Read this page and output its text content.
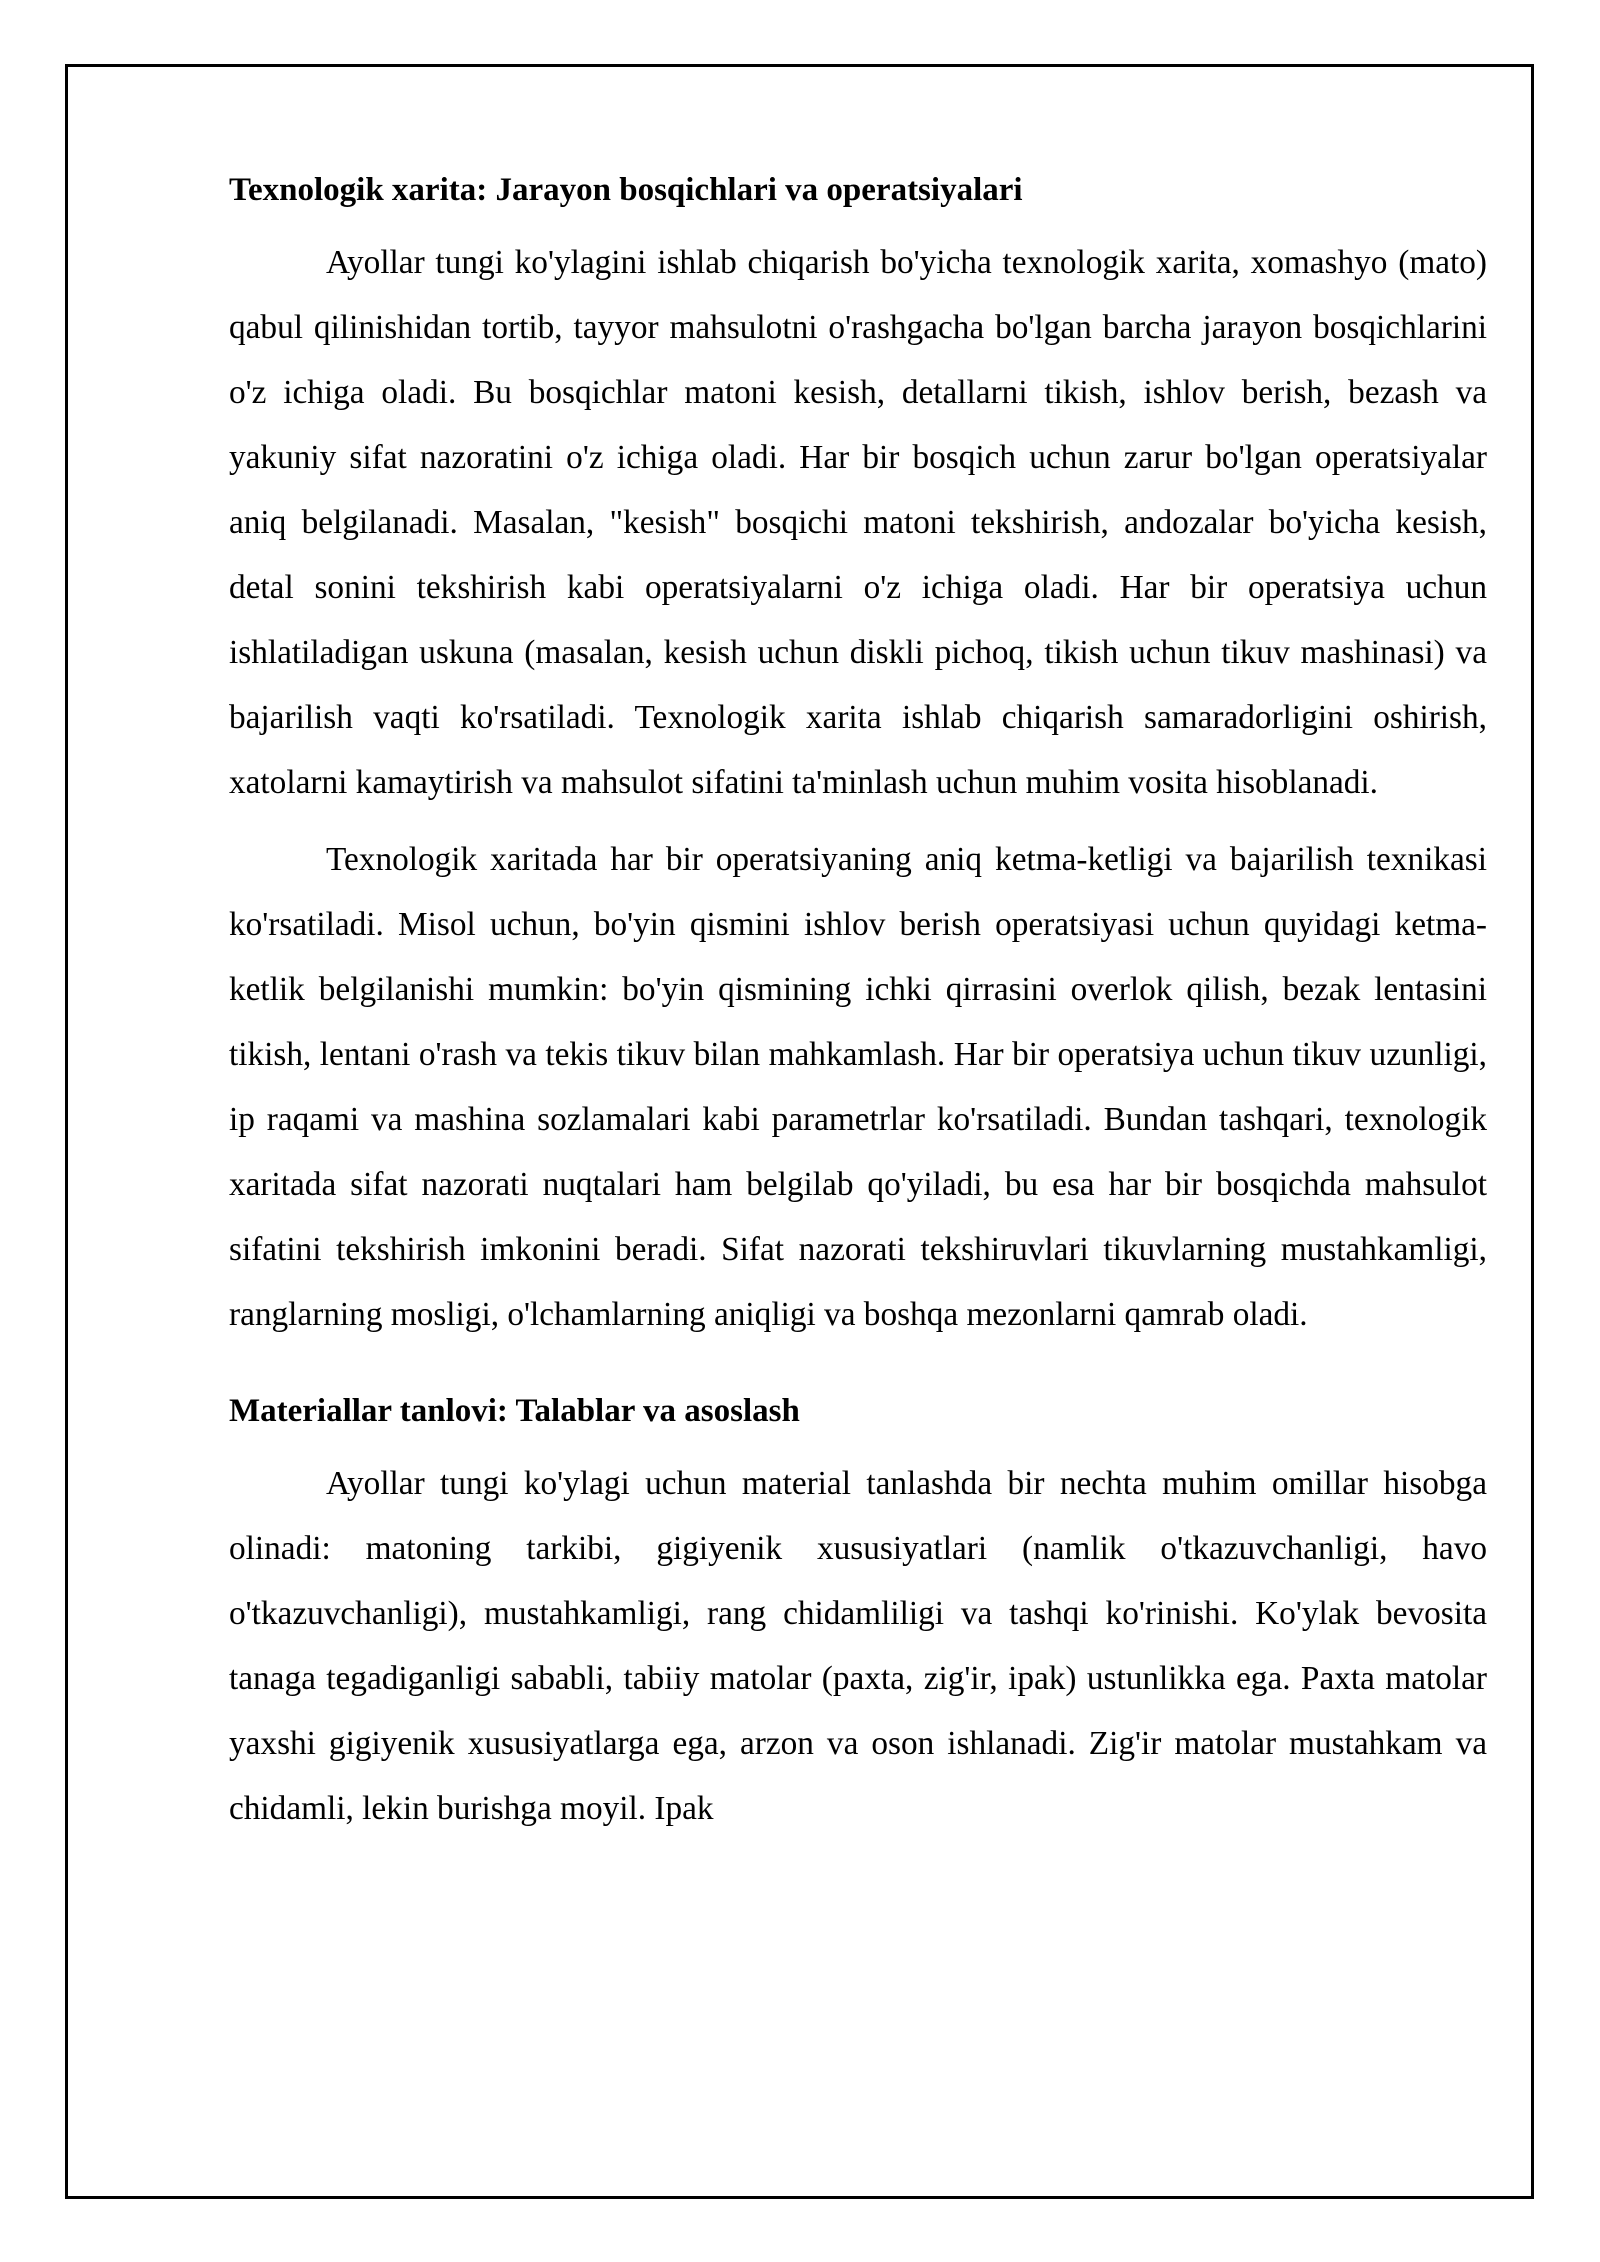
Texnologik xarita: Jarayon bosqichlari va operatsiyalari

Ayollar tungi ko'ylagini ishlab chiqarish bo'yicha texnologik xarita, xomashyo (mato) qabul qilinishidan tortib, tayyor mahsulotni o'rashgacha bo'lgan barcha jarayon bosqichlarini o'z ichiga oladi. Bu bosqichlar matoni kesish, detallarni tikish, ishlov berish, bezash va yakuniy sifat nazoratini o'z ichiga oladi. Har bir bosqich uchun zarur bo'lgan operatsiyalar aniq belgilanadi. Masalan, "kesish" bosqichi matoni tekshirish, andozalar bo'yicha kesish, detal sonini tekshirish kabi operatsiyalarni o'z ichiga oladi. Har bir operatsiya uchun ishlatiladigan uskuna (masalan, kesish uchun diskli pichoq, tikish uchun tikuv mashinasi) va bajarilish vaqti ko'rsatiladi. Texnologik xarita ishlab chiqarish samaradorligini oshirish, xatolarni kamaytirish va mahsulot sifatini ta'minlash uchun muhim vosita hisoblanadi.

Texnologik xaritada har bir operatsiyaning aniq ketma-ketligi va bajarilish texnikasi ko'rsatiladi. Misol uchun, bo'yin qismini ishlov berish operatsiyasi uchun quyidagi ketma-ketlik belgilanishi mumkin: bo'yin qismining ichki qirrasini overlok qilish, bezak lentasini tikish, lentani o'rash va tekis tikuv bilan mahkamlash. Har bir operatsiya uchun tikuv uzunligi, ip raqami va mashina sozlamalari kabi parametrlar ko'rsatiladi. Bundan tashqari, texnologik xaritada sifat nazorati nuqtalari ham belgilab qo'yiladi, bu esa har bir bosqichda mahsulot sifatini tekshirish imkonini beradi. Sifat nazorati tekshiruvlari tikuvlarning mustahkamligi, ranglarning mosligi, o'lchamlarning aniqligi va boshqa mezonlarni qamrab oladi.

Materiallar tanlovi: Talablar va asoslash

Ayollar tungi ko'ylagi uchun material tanlashda bir nechta muhim omillar hisobga olinadi: matoning tarkibi, gigiyenik xususiyatlari (namlik o'tkazuvchanligi, havo o'tkazuvchanligi), mustahkamligi, rang chidamliligi va tashqi ko'rinishi. Ko'ylak bevosita tanaga tegadiganligi sababli, tabiiy matolar (paxta, zig'ir, ipak) ustunlikka ega. Paxta matolar yaxshi gigiyenik xususiyatlarga ega, arzon va oson ishlanadi. Zig'ir matolar mustahkam va chidamli, lekin burishga moyil. Ipak
